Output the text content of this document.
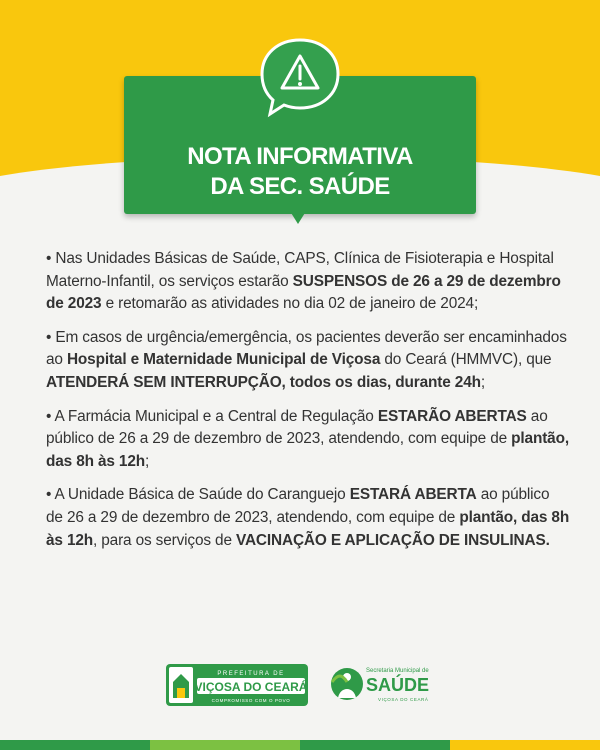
NOTA INFORMATIVA
DA SEC. SAÚDE

• Nas Unidades Básicas de Saúde, CAPS, Clínica de Fisioterapia e Hospital Materno-Infantil, os serviços estarão SUSPENSOS de 26 a 29 de dezembro de 2023 e retomarão as atividades no dia 02 de janeiro de 2024;

• Em casos de urgência/emergência, os pacientes deverão ser encaminhados ao Hospital e Maternidade Municipal de Viçosa do Ceará (HMMVC), que ATENDERÁ SEM INTERRUPÇÃO, todos os dias, durante 24h;

• A Farmácia Municipal e a Central de Regulação ESTARÃO ABERTAS ao público de 26 a 29 de dezembro de 2023, atendendo, com equipe de plantão, das 8h às 12h;

• A Unidade Básica de Saúde do Caranguejo ESTARÁ ABERTA ao público de 26 a 29 de dezembro de 2023, atendendo, com equipe de plantão, das 8h às 12h, para os serviços de VACINAÇÃO E APLICAÇÃO DE INSULINAS.

PREFEITURA DE
VIÇOSA DO CEARÁ
COMPROMISSO COM O POVO
Secretaria Municipal de
SAÚDE
VIÇOSA DO CEARÁ
